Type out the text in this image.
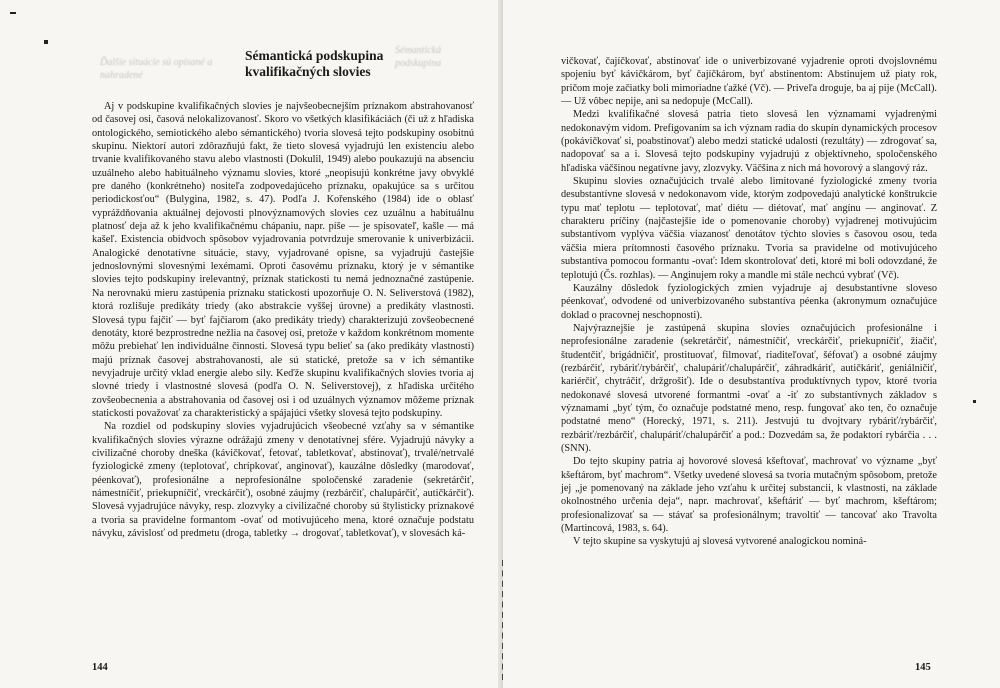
Ďalšie situácie sú opísané a nahradené
Sémantická podskupina
Sémantická podskupina kvalifikačných slovies

Aj v podskupine kvalifikačných slovies je najvšeobecnejším príznakom abstrahovanosť od časovej osi, časová nelokalizovanosť. Skoro vo všetkých klasifikáciách (či už z hľadiska ontologického, semiotického alebo sémantického) tvoria slovesá tejto podskupiny osobitnú skupinu. Niektorí autori zdôrazňujú fakt, že tieto slovesá vyjadrujú len existenciu alebo trvanie kvalifikovaného stavu alebo vlastnosti (Dokulil, 1949) alebo poukazujú na absenciu uzuálneho alebo habituálneho významu slovies, ktoré „neopisujú konkrétne javy obvyklé pre daného (konkrétneho) nositeľa zodpovedajúceho príznaku, opakujúce sa s určitou periodickosťou“ (Bulygina, 1982, s. 47). Podľa J. Kořenského (1984) ide o oblasť vypráždňovania aktuálnej dejovosti plnovýznamových slovies cez uzuálnu a habituálnu platnosť deja až k jeho kvalifikačnému chápaniu, napr. píše — je spisovateľ, kašle — má kašeľ. Existencia obidvoch spôsobov vyjadrovania potvrdzuje smerovanie k univerbizácii. Analogické denotatívne situácie, stavy, vyjadrované opisne, sa vyjadrujú častejšie jednoslovnými slovesnými lexémami. Oproti časovému príznaku, ktorý je v sémantike slovies tejto podskupiny irelevantný, príznak statickosti tu nemá jednoznačné zastúpenie. Na nerovnakú mieru zastúpenia príznaku statickosti upozorňuje O. N. Seliverstová (1982), ktorá rozlišuje predikáty triedy (ako abstrakcie vyššej úrovne) a predikáty vlastnosti. Slovesá typu fajčiť — byť fajčiarom (ako predikáty triedy) charakterizujú zovšeobecnené denotáty, ktoré bezprostredne nežlia na časovej osi, pretože v každom konkrétnom momente môžu prebiehať len individuálne činnosti. Slovesá typu belieť sa (ako predikáty vlastnosti) majú príznak časovej abstrahovanosti, ale sú statické, pretože sa v ich sémantike nevyjadruje určitý vklad energie alebo sily. Keďže skupinu kvalifikačných slovies tvoria aj slovné triedy i vlastnostné slovesá (podľa O. N. Seliverstovej), z hľadiska určitého zovšeobecnenia a abstrahovania od časovej osi i od uzuálnych významov môžeme príznak statickosti považovať za charakteristický a spájajúci všetky slovesá tejto podskupiny.

Na rozdiel od podskupiny slovies vyjadrujúcich všeobecné vzťahy sa v sémantike kvalifikačných slovies výrazne odrážajú zmeny v denotatívnej sfére. Vyjadrujú návyky a civilizačné choroby dneška (kávičkovať, fetovať, tabletkovať, abstinovať), trvalé/netrvalé fyziologické zmeny (teplotovať, chrípkovať, anginovať), kauzálne dôsledky (marodovať, péenkovať), profesionálne a neprofesionálne spoločenské zaradenie (sekretárčiť, námestníčiť, priekupníčiť, vreckárčiť), osobné záujmy (rezbárčiť, chalupárčiť, autičkárčiť). Slovesá vyjadrujúce návyky, resp. zlozvyky a civilizačné choroby sú štylisticky príznakové a tvoria sa pravidelne formantom -ovať od motivujúceho mena, ktoré označuje podstatu návyku, závislosť od predmetu (droga, tabletky → drogovať, tabletkovať), v slovesách ká-

144

vičkovať, čajíčkovať, abstinovať ide o univerbizované vyjadrenie oproti dvojslovnému spojeniu byť kávičkárom, byť čajíčkárom, byť abstinentom: Abstinujem už piaty rok, pričom moje začiatky boli mimoriadne ťažké (Vč). — Priveľa droguje, ba aj pije (McCall). — Už vôbec nepije, ani sa nedopuje (McCall).

Medzi kvalifikačné slovesá patria tieto slovesá len významami vyjadrenými nedokonavým vidom. Prefigovaním sa ich význam radia do skupín dynamických procesov (pokávičkovať si, poabstinovať) alebo medzi statické udalosti (rezultáty) — zdrogovať sa, nadopovať sa a i. Slovesá tejto podskupiny vyjadrujú z objektívneho, spoločenského hľadiska väčšinou negatívne javy, zlozvyky. Väčšina z nich má hovorový a slangový ráz.

Skupinu slovies označujúcich trvalé alebo limitované fyziologické zmeny tvoria desubstantívne slovesá v nedokonavom vide, ktorým zodpovedajú analytické konštrukcie typu mať teplotu — teplotovať, mať diétu — diétovať, mať angínu — anginovať. Z charakteru príčiny (najčastejšie ide o pomenovanie choroby) vyjadrenej motivujúcim substantívom vyplýva väčšia viazanosť denotátov týchto slovies s časovou osou, teda väčšia miera prítomnosti časového príznaku. Tvoria sa pravidelne od motivujúceho substantíva pomocou formantu -ovať: Idem skontrolovať deti, ktoré mi boli odovzdané, že teplotujú (Čs. rozhlas). — Anginujem roky a mandle mi stále nechcú vybrať (Vč).

Kauzálny dôsledok fyziologických zmien vyjadruje aj desubstantívne sloveso péenkovať, odvodené od univerbizovaného substantíva péenka (akronymum označujúce doklad o pracovnej neschopnosti).

Najvýraznejšie je zastúpená skupina slovies označujúcich profesionálne i neprofesionálne zaradenie (sekretárčiť, námestníčiť, vreckárčiť, priekupníčiť, žiačiť, študentčiť, brigádničiť, prostituovať, filmovať, riaditeľovať, šéfovať) a osobné záujmy (rezbárčiť, rybáriť/rybárčiť, chalupáriť/chalupárčiť, záhradkáriť, autičkáriť, geniálničiť, kariérčiť, chytráčiť, držgrošiť). Ide o desubstantíva produktívnych typov, ktoré tvoria nedokonavé slovesá utvorené formantmi -ovať a -iť zo substantívnych základov s významami „byť tým, čo označuje podstatné meno, resp. fungovať ako ten, čo označuje podstatné meno“ (Horecký, 1971, s. 211). Jestvujú tu dvojtvary rybáriť/rybárčiť, rezbáriť/rezbárčiť, chalupáriť/chalupárčiť a pod.: Dozvedám sa, že podaktorí rybárčia . . . (SNN).

Do tejto skupiny patria aj hovorové slovesá kšeftovať, machrovať vo význame „byť kšeftárom, byť machrom“. Všetky uvedené slovesá sa tvoria mutačným spôsobom, pretože jej „je pomenovaný na základe jeho vzťahu k určitej substancii, k vlastnosti, na základe okolnostného určenia deja“, napr. machrovať, kšeftáriť — byť machrom, kšeftárom; profesionalizovať sa — stávať sa profesionálnym; travoltiť — tancovať ako Travolta (Martincová, 1983, s. 64).

V tejto skupine sa vyskytujú aj slovesá vytvorené analogickou nominá-

145
